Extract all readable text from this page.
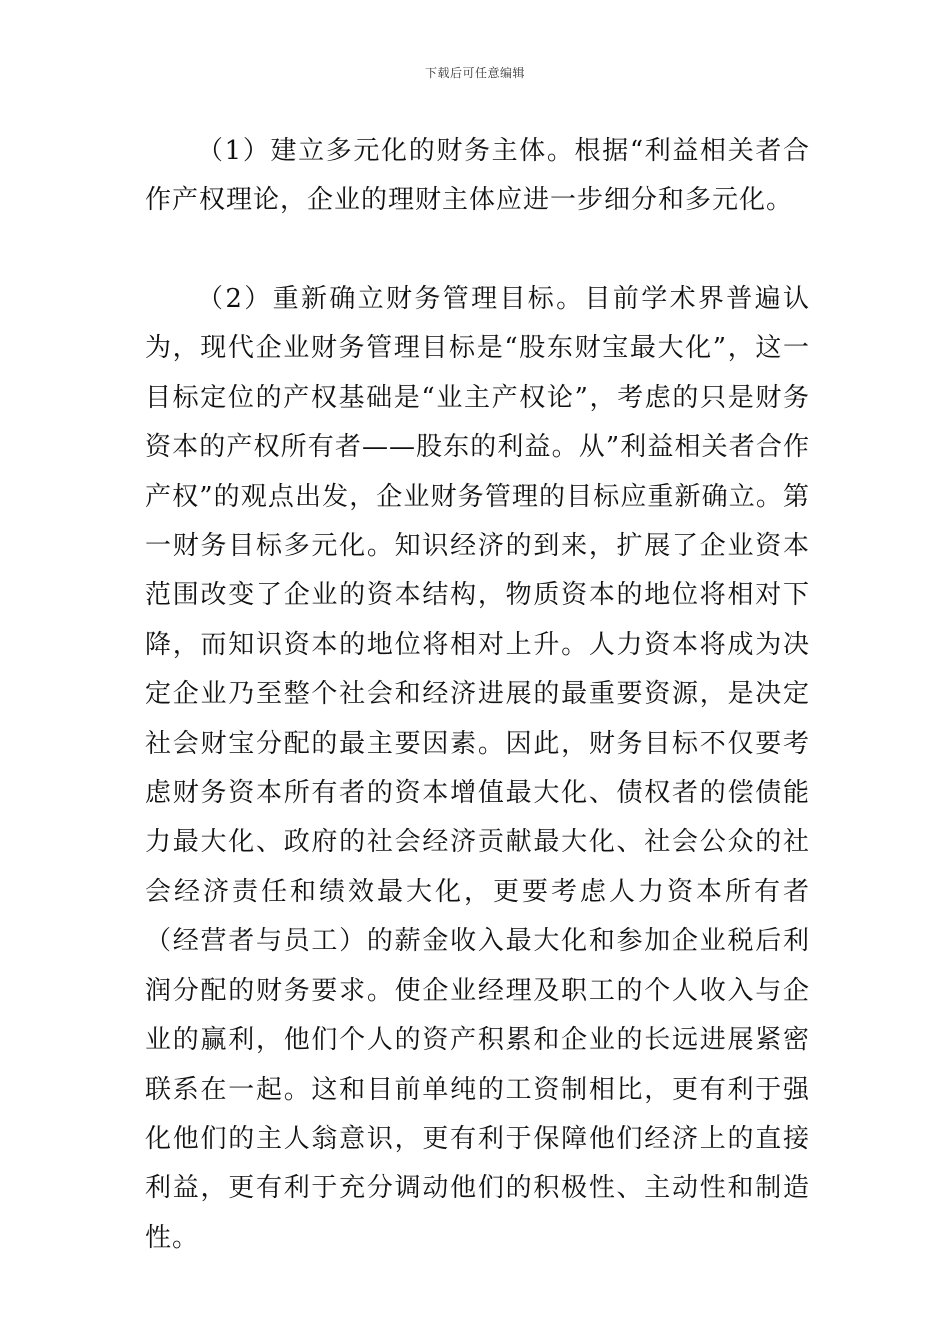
下载后可任意编辑

（1）建立多元化的财务主体。根据“利益相关者合作产权理论，企业的理财主体应进一步细分和多元化。

（2）重新确立财务管理目标。目前学术界普遍认为，现代企业财务管理目标是“股东财宝最大化”，这一目标定位的产权基础是“业主产权论”，考虑的只是财务资本的产权所有者——股东的利益。从”利益相关者合作产权”的观点出发，企业财务管理的目标应重新确立。第一财务目标多元化。知识经济的到来，扩展了企业资本范围改变了企业的资本结构，物质资本的地位将相对下降，而知识资本的地位将相对上升。人力资本将成为决定企业乃至整个社会和经济进展的最重要资源，是决定社会财宝分配的最主要因素。因此，财务目标不仅要考虑财务资本所有者的资本增值最大化、债权者的偿债能力最大化、政府的社会经济贡献最大化、社会公众的社会经济责任和绩效最大化，更要考虑人力资本所有者（经营者与员工）的薪金收入最大化和参加企业税后利润分配的财务要求。使企业经理及职工的个人收入与企业的赢利，他们个人的资产积累和企业的长远进展紧密联系在一起。这和目前单纯的工资制相比，更有利于强化他们的主人翁意识，更有利于保障他们经济上的直接利益，更有利于充分调动他们的积极性、主动性和制造性。
